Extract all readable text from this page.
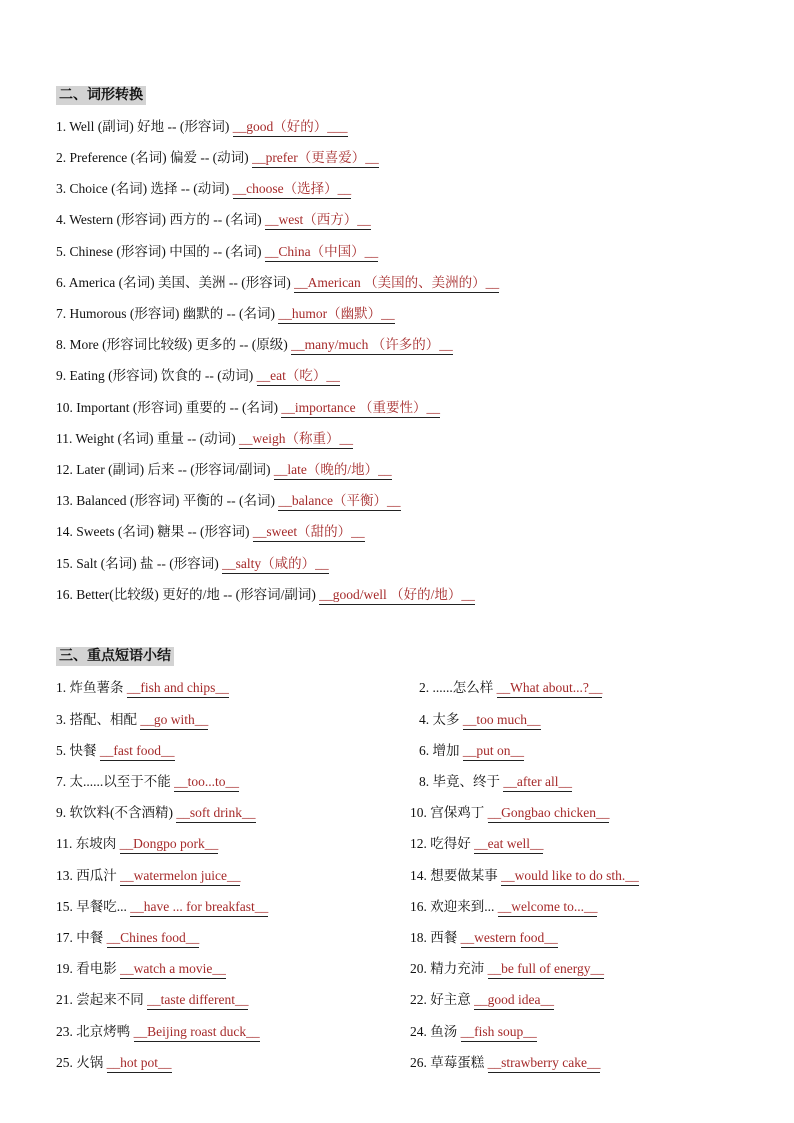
二、词形转换
1. Well (副词) 好地 -- (形容词) __good（好的）___
2. Preference (名词) 偏爱 -- (动词) __prefer（更喜爱）__
3. Choice (名词) 选择 -- (动词) __choose（选择）__
4. Western (形容词) 西方的 -- (名词) __west（西方）__
5. Chinese (形容词) 中国的 -- (名词) __China（中国）__
6. America (名词) 美国、美洲 -- (形容词) __American （美国的、美洲的）__
7. Humorous (形容词) 幽默的 -- (名词) __humor（幽默）__
8. More (形容词比较级) 更多的 -- (原级) __many/much （许多的）__
9. Eating (形容词) 饮食的 -- (动词) __eat（吃）__
10. Important (形容词) 重要的 -- (名词) __importance （重要性）__
11. Weight (名词) 重量 -- (动词) __weigh（称重）__
12. Later (副词) 后来 -- (形容词/副词) __late（晚的/地）__
13. Balanced (形容词) 平衡的 -- (名词) __balance（平衡）__
14. Sweets (名词) 糖果 -- (形容词) __sweet（甜的）__
15. Salt (名词) 盐 -- (形容词) __salty（咸的）__
16. Better(比较级) 更好的/地 -- (形容词/副词) __good/well （好的/地）__
三、重点短语小结
1. 炸鱼薯条 __fish and chips__
3. 搭配、相配 __go with__
5. 快餐 __fast food__
7. 太......以至于不能 __too...to__
9. 软饮料(不含酒精) __soft drink__
11. 东坡肉 __Dongpo pork__
13. 西瓜汁 __watermelon juice__
15. 早餐吃... __have ... for breakfast__
17. 中餐 __Chines food__
19. 看电影 __watch a movie__
21. 尝起来不同 __taste different__
23. 北京烤鸭 __Beijing roast duck__
25. 火锅 __hot pot__
2. ......怎么样 __What about...?__
4. 太多 __too much__
6. 增加 __put on__
8. 毕竟、终于 __after all__
10. 宫保鸡丁 __Gongbao chicken__
12. 吃得好 __eat well__
14. 想要做某事 __would like to do sth.__
16. 欢迎来到... __welcome to...__
18. 西餐 __western food__
20. 精力充沛 __be full of energy__
22. 好主意 __good idea__
24. 鱼汤 __fish soup__
26. 草莓蛋糕 __strawberry cake__
